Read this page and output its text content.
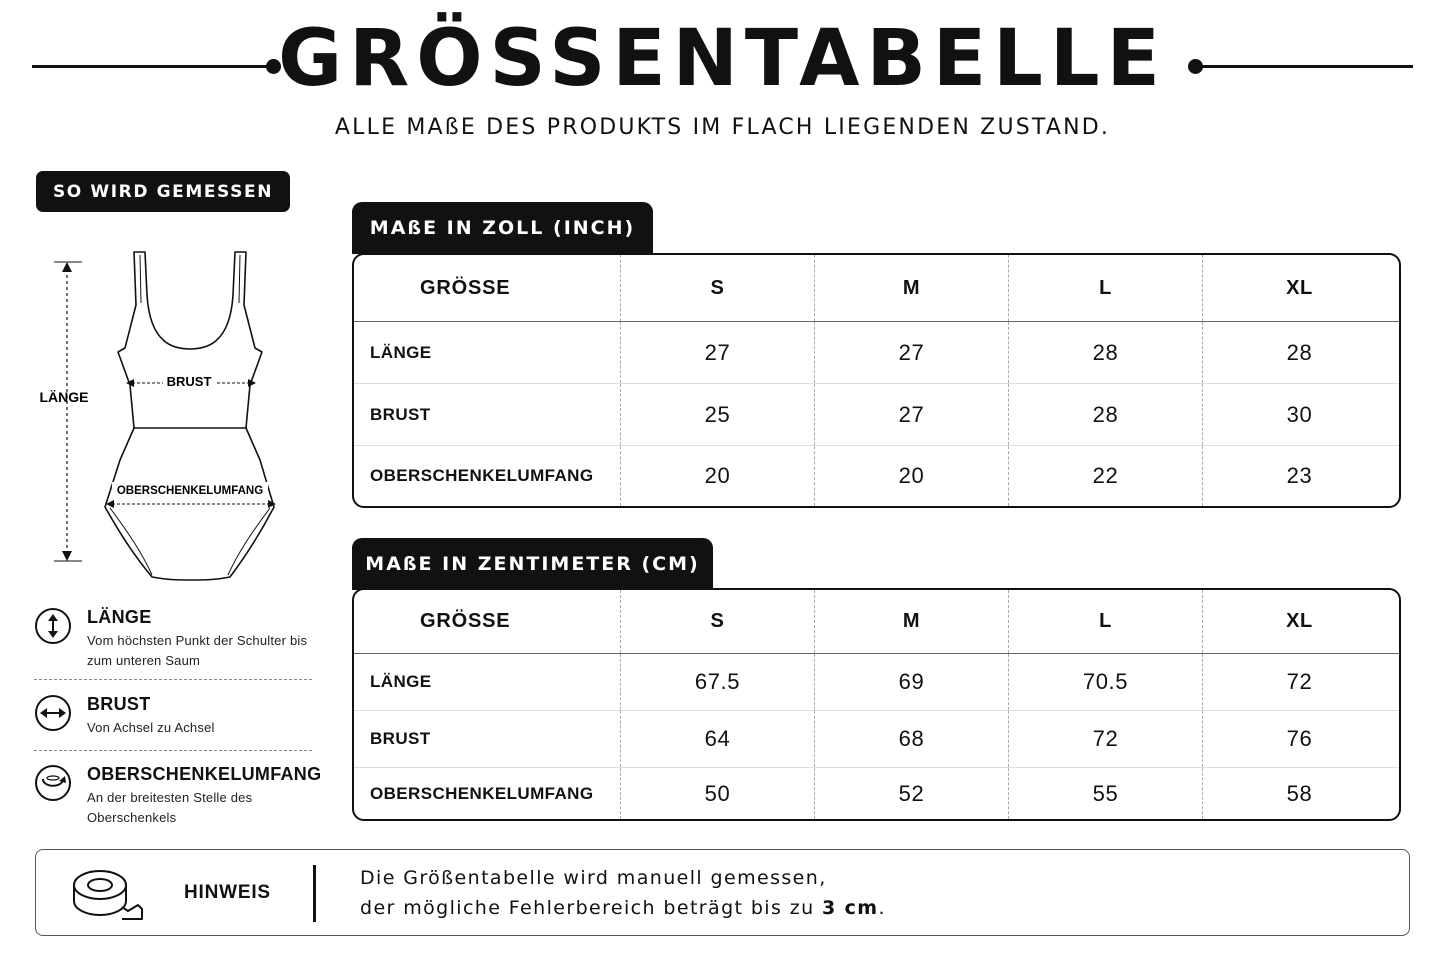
GRÖSSENTABELLE
ALLE MAßE DES PRODUKTS IM FLACH LIEGENDEN ZUSTAND.
SO WIRD GEMESSEN
LÄNGE
BRUST
OBERSCHENKELUMFANG
LÄNGE
Vom höchsten Punkt der Schulter bis zum unteren Saum
BRUST
Von Achsel zu Achsel
OBERSCHENKELUMFANG
An der breitesten Stelle des Oberschenkels
MAßE IN ZOLL (INCH)
GRÖSSE	S	M	L	XL
LÄNGE	27	27	28	28
BRUST	25	27	28	30
OBERSCHENKELUMFANG	20	20	22	23
MAßE IN ZENTIMETER (CM)
GRÖSSE	S	M	L	XL
LÄNGE	67.5	69	70.5	72
BRUST	64	68	72	76
OBERSCHENKELUMFANG	50	52	55	58
HINWEIS
Die Größentabelle wird manuell gemessen,
der mögliche Fehlerbereich beträgt bis zu 3 cm.
